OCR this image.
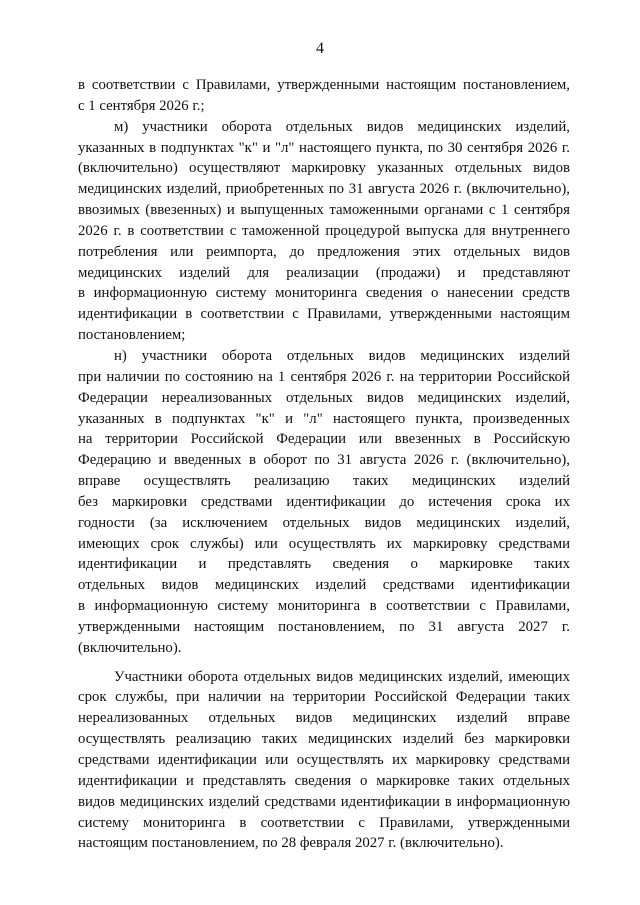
4
в соответствии с Правилами, утвержденными настоящим постановлением,
с 1 сентября 2026 г.;
м) участники оборота отдельных видов медицинских изделий,
указанных в подпунктах "к" и "л" настоящего пункта, по 30 сентября 2026 г.
(включительно) осуществляют маркировку указанных отдельных видов
медицинских изделий, приобретенных по 31 августа 2026 г. (включительно),
ввозимых (ввезенных) и выпущенных таможенными органами с 1 сентября
2026 г. в соответствии с таможенной процедурой выпуска для внутреннего
потребления или реимпорта, до предложения этих отдельных видов
медицинских изделий для реализации (продажи) и представляют
в информационную систему мониторинга сведения о нанесении средств
идентификации в соответствии с Правилами, утвержденными настоящим
постановлением;
н) участники оборота отдельных видов медицинских изделий
при наличии по состоянию на 1 сентября 2026 г. на территории Российской
Федерации нереализованных отдельных видов медицинских изделий,
указанных в подпунктах "к" и "л" настоящего пункта, произведенных
на территории Российской Федерации или ввезенных в Российскую
Федерацию и введенных в оборот по 31 августа 2026 г. (включительно),
вправе осуществлять реализацию таких медицинских изделий
без маркировки средствами идентификации до истечения срока их
годности (за исключением отдельных видов медицинских изделий,
имеющих срок службы) или осуществлять их маркировку средствами
идентификации и представлять сведения о маркировке таких
отдельных видов медицинских изделий средствами идентификации
в информационную систему мониторинга в соответствии с Правилами,
утвержденными настоящим постановлением, по 31 августа 2027 г.
(включительно).
Участники оборота отдельных видов медицинских изделий, имеющих
срок службы, при наличии на территории Российской Федерации таких
нереализованных отдельных видов медицинских изделий вправе
осуществлять реализацию таких медицинских изделий без маркировки
средствами идентификации или осуществлять их маркировку средствами
идентификации и представлять сведения о маркировке таких отдельных
видов медицинских изделий средствами идентификации в информационную
систему мониторинга в соответствии с Правилами, утвержденными
настоящим постановлением, по 28 февраля 2027 г. (включительно).
